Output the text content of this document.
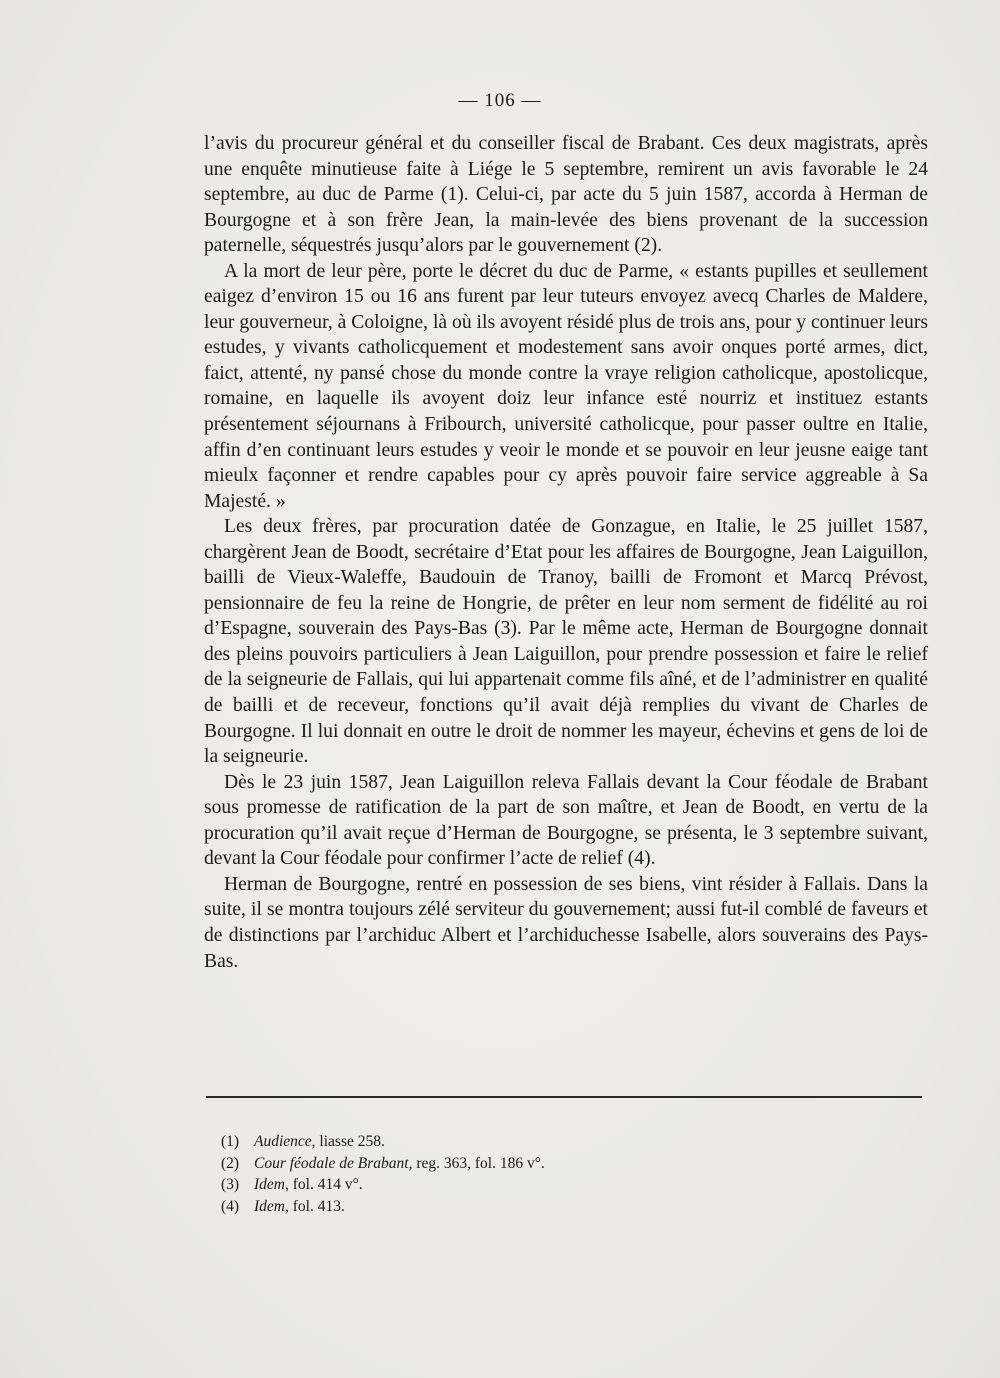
— 106 —

l’avis du procureur général et du conseiller fiscal de Brabant. Ces deux magistrats, après une enquête minutieuse faite à Liége le 5 septembre, remirent un avis favorable le 24 septembre, au duc de Parme (1). Celui-ci, par acte du 5 juin 1587, accorda à Herman de Bourgogne et à son frère Jean, la main-levée des biens provenant de la succession paternelle, séquestrés jusqu’alors par le gouvernement (2).

A la mort de leur père, porte le décret du duc de Parme, « estants pupilles et seullement eaigez d’environ 15 ou 16 ans furent par leur tuteurs envoyez avecq Charles de Maldere, leur gouverneur, à Coloigne, là où ils avoyent résidé plus de trois ans, pour y continuer leurs estudes, y vivants catholicquement et modestement sans avoir onques porté armes, dict, faict, attenté, ny pansé chose du monde contre la vraye religion catholicque, apostolicque, romaine, en laquelle ils avoyent doiz leur infance esté nourriz et instituez estants présentement séjournans à Fribourch, université catholicque, pour passer oultre en Italie, affin d’en continuant leurs estudes y veoir le monde et se pouvoir en leur jeusne eaige tant mieulx façonner et rendre capables pour cy après pouvoir faire service aggreable à Sa Majesté. »

Les deux frères, par procuration datée de Gonzague, en Italie, le 25 juillet 1587, chargèrent Jean de Boodt, secrétaire d’Etat pour les affaires de Bourgogne, Jean Laiguillon, bailli de Vieux-Waleffe, Baudouin de Tranoy, bailli de Fromont et Marcq Prévost, pensionnaire de feu la reine de Hongrie, de prêter en leur nom serment de fidélité au roi d’Espagne, souverain des Pays-Bas (3). Par le même acte, Herman de Bourgogne donnait des pleins pouvoirs particuliers à Jean Laiguillon, pour prendre possession et faire le relief de la seigneurie de Fallais, qui lui appartenait comme fils aîné, et de l’administrer en qualité de bailli et de receveur, fonctions qu’il avait déjà remplies du vivant de Charles de Bourgogne. Il lui donnait en outre le droit de nommer les mayeur, échevins et gens de loi de la seigneurie.

Dès le 23 juin 1587, Jean Laiguillon releva Fallais devant la Cour féodale de Brabant sous promesse de ratification de la part de son maître, et Jean de Boodt, en vertu de la procuration qu’il avait reçue d’Herman de Bourgogne, se présenta, le 3 septembre suivant, devant la Cour féodale pour confirmer l’acte de relief (4).

Herman de Bourgogne, rentré en possession de ses biens, vint résider à Fallais. Dans la suite, il se montra toujours zélé serviteur du gouvernement; aussi fut-il comblé de faveurs et de distinctions par l’archiduc Albert et l’archiduchesse Isabelle, alors souverains des Pays-Bas.

(1) Audience, liasse 258.
(2) Cour féodale de Brabant, reg. 363, fol. 186 v°.
(3) Idem, fol. 414 v°.
(4) Idem, fol. 413.
